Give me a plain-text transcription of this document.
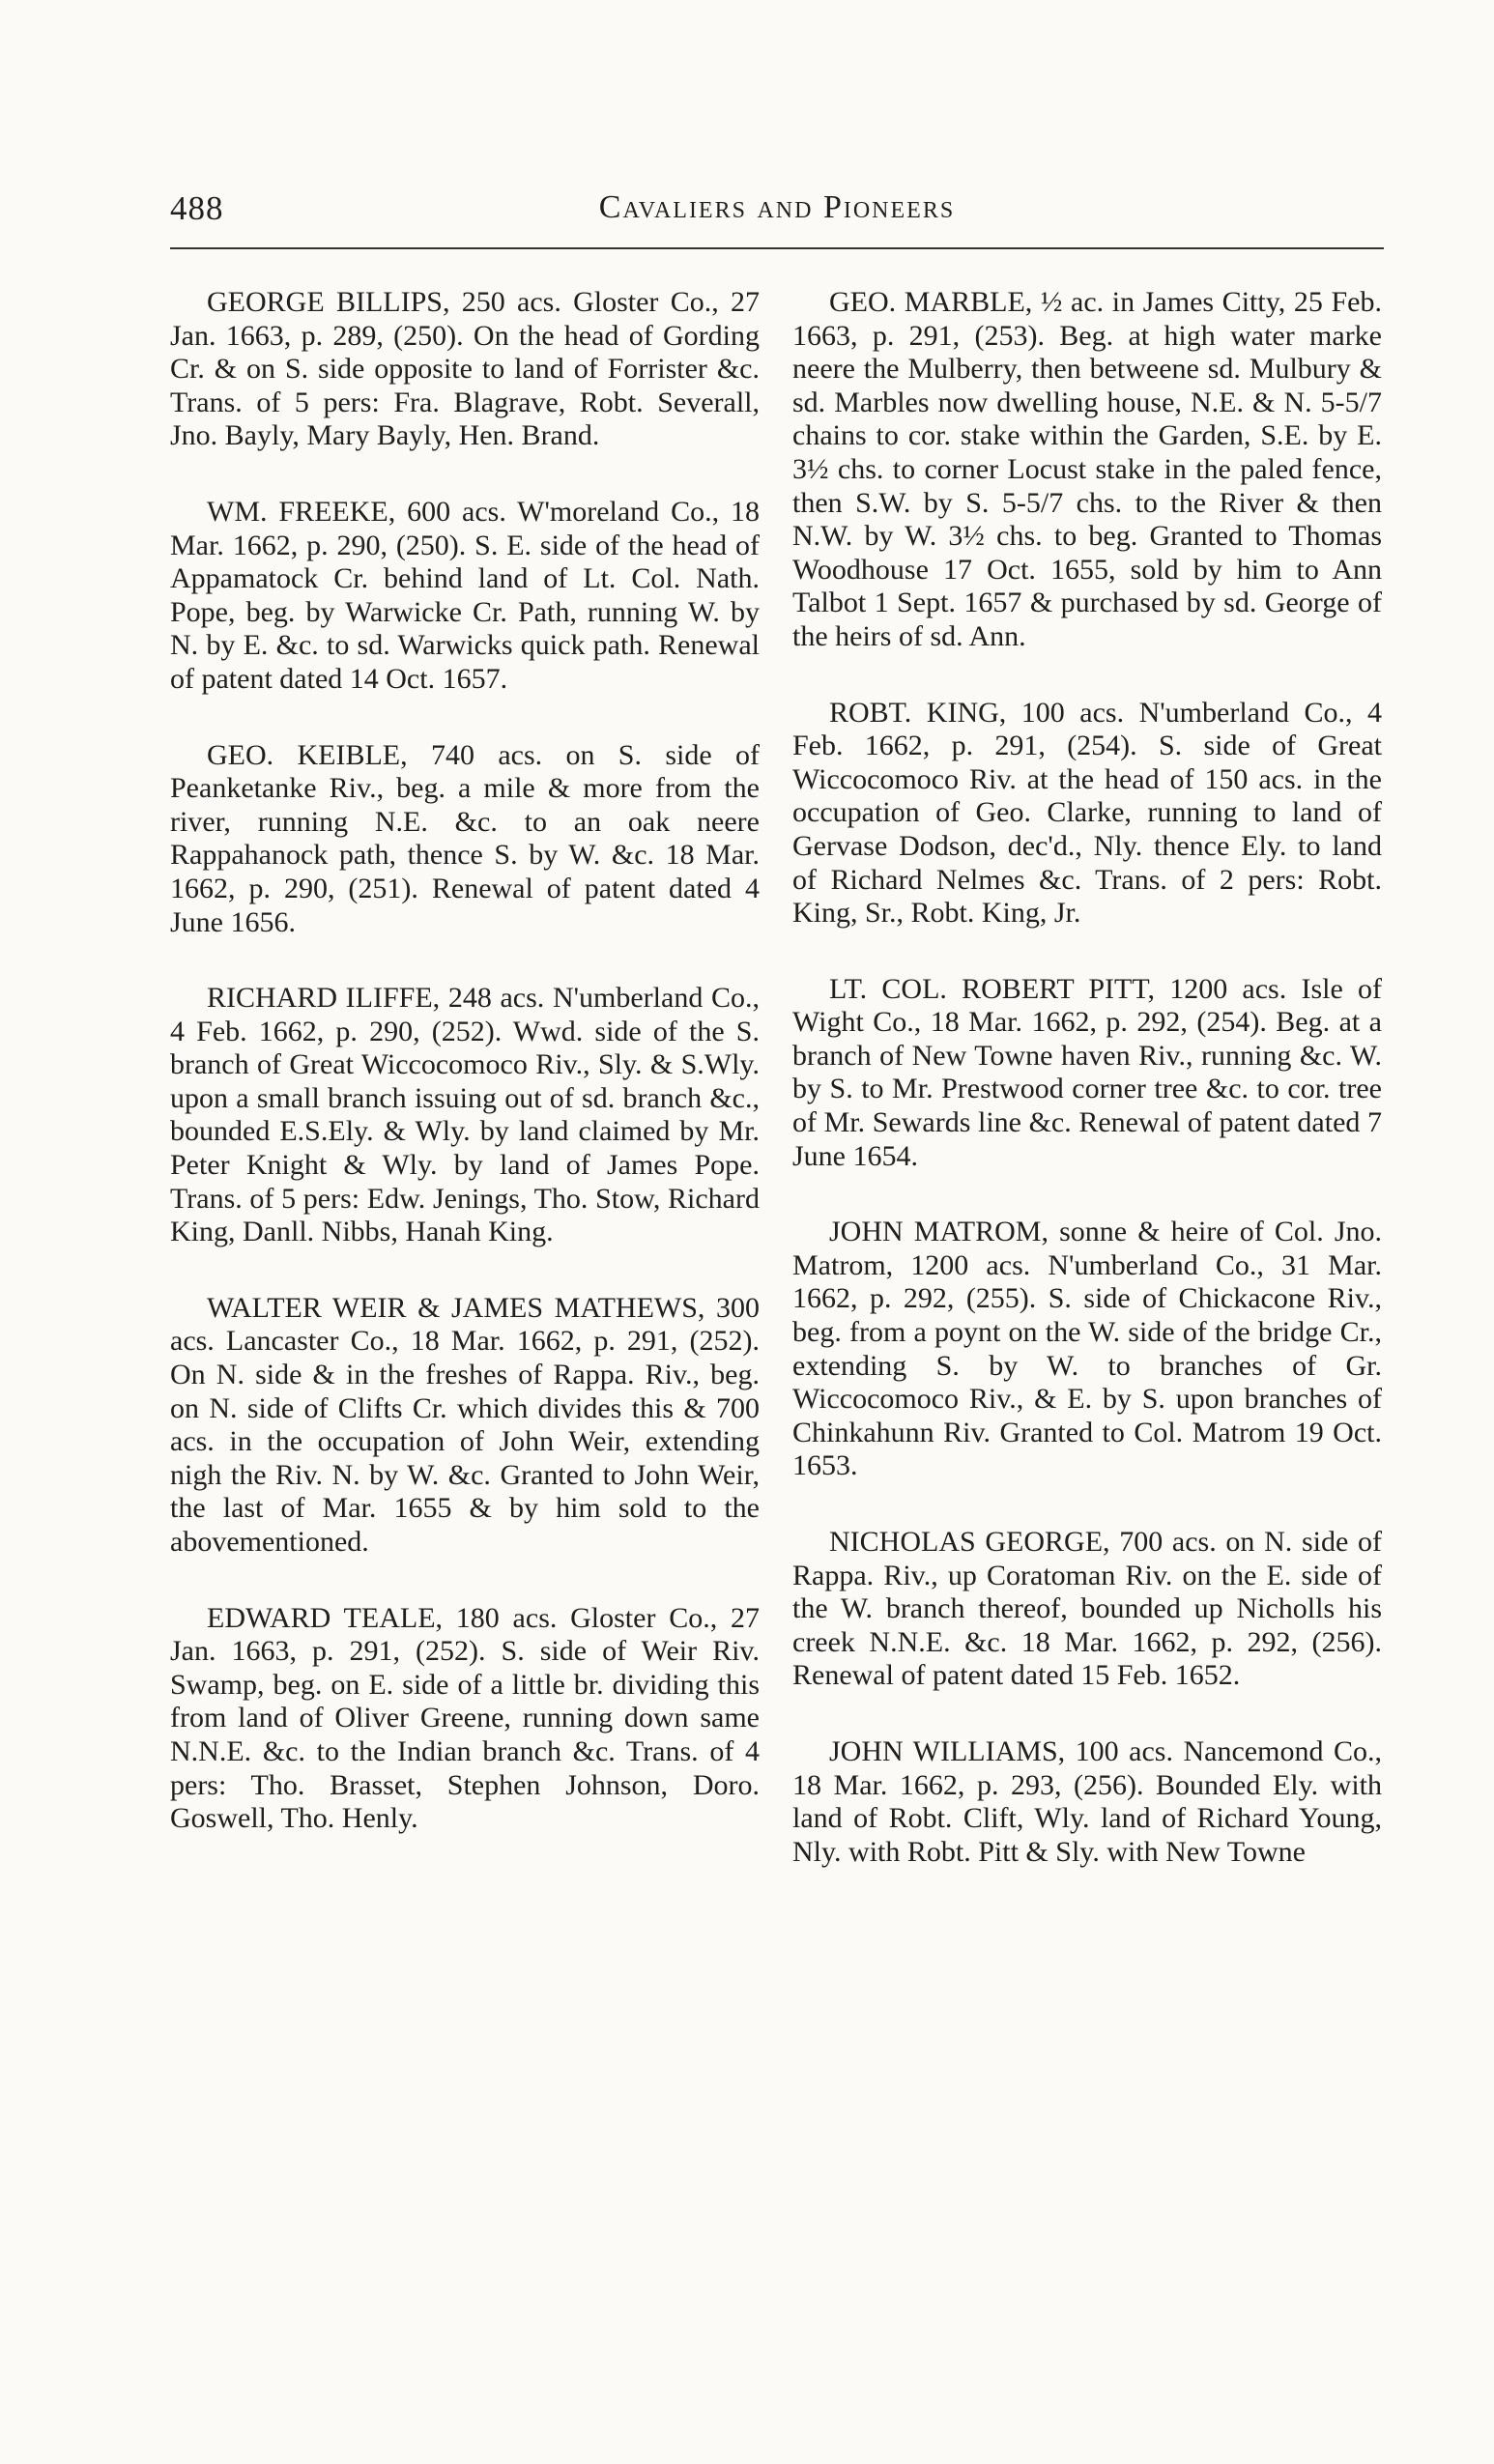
488	Cavaliers and Pioneers

GEORGE BILLIPS, 250 acs. Gloster Co., 27 Jan. 1663, p. 289, (250). On the head of Gording Cr. & on S. side opposite to land of Forrister &c. Trans. of 5 pers: Fra. Blagrave, Robt. Severall, Jno. Bayly, Mary Bayly, Hen. Brand.

WM. FREEKE, 600 acs. W'moreland Co., 18 Mar. 1662, p. 290, (250). S. E. side of the head of Appamatock Cr. behind land of Lt. Col. Nath. Pope, beg. by Warwicke Cr. Path, running W. by N. by E. &c. to sd. Warwicks quick path. Renewal of patent dated 14 Oct. 1657.

GEO. KEIBLE, 740 acs. on S. side of Peanketanke Riv., beg. a mile & more from the river, running N.E. &c. to an oak neere Rappahanock path, thence S. by W. &c. 18 Mar. 1662, p. 290, (251). Renewal of patent dated 4 June 1656.

RICHARD ILIFFE, 248 acs. N'umberland Co., 4 Feb. 1662, p. 290, (252). Wwd. side of the S. branch of Great Wiccocomoco Riv., Sly. & S.Wly. upon a small branch issuing out of sd. branch &c., bounded E.S.Ely. & Wly. by land claimed by Mr. Peter Knight & Wly. by land of James Pope. Trans. of 5 pers: Edw. Jenings, Tho. Stow, Richard King, Danll. Nibbs, Hanah King.

WALTER WEIR & JAMES MATHEWS, 300 acs. Lancaster Co., 18 Mar. 1662, p. 291, (252). On N. side & in the freshes of Rappa. Riv., beg. on N. side of Clifts Cr. which divides this & 700 acs. in the occupation of John Weir, extending nigh the Riv. N. by W. &c. Granted to John Weir, the last of Mar. 1655 & by him sold to the abovementioned.

EDWARD TEALE, 180 acs. Gloster Co., 27 Jan. 1663, p. 291, (252). S. side of Weir Riv. Swamp, beg. on E. side of a little br. dividing this from land of Oliver Greene, running down same N.N.E. &c. to the Indian branch &c. Trans. of 4 pers: Tho. Brasset, Stephen Johnson, Doro. Goswell, Tho. Henly.

GEO. MARBLE, ½ ac. in James Citty, 25 Feb. 1663, p. 291, (253). Beg. at high water marke neere the Mulberry, then betweene sd. Mulbury & sd. Marbles now dwelling house, N.E. & N. 5-5/7 chains to cor. stake within the Garden, S.E. by E. 3½ chs. to corner Locust stake in the paled fence, then S.W. by S. 5-5/7 chs. to the River & then N.W. by W. 3½ chs. to beg. Granted to Thomas Woodhouse 17 Oct. 1655, sold by him to Ann Talbot 1 Sept. 1657 & purchased by sd. George of the heirs of sd. Ann.

ROBT. KING, 100 acs. N'umberland Co., 4 Feb. 1662, p. 291, (254). S. side of Great Wiccocomoco Riv. at the head of 150 acs. in the occupation of Geo. Clarke, running to land of Gervase Dodson, dec'd., Nly. thence Ely. to land of Richard Nelmes &c. Trans. of 2 pers: Robt. King, Sr., Robt. King, Jr.

LT. COL. ROBERT PITT, 1200 acs. Isle of Wight Co., 18 Mar. 1662, p. 292, (254). Beg. at a branch of New Towne haven Riv., running &c. W. by S. to Mr. Prestwood corner tree &c. to cor. tree of Mr. Sewards line &c. Renewal of patent dated 7 June 1654.

JOHN MATROM, sonne & heire of Col. Jno. Matrom, 1200 acs. N'umberland Co., 31 Mar. 1662, p. 292, (255). S. side of Chickacone Riv., beg. from a poynt on the W. side of the bridge Cr., extending S. by W. to branches of Gr. Wiccocomoco Riv., & E. by S. upon branches of Chinkahunn Riv. Granted to Col. Matrom 19 Oct. 1653.

NICHOLAS GEORGE, 700 acs. on N. side of Rappa. Riv., up Coratoman Riv. on the E. side of the W. branch thereof, bounded up Nicholls his creek N.N.E. &c. 18 Mar. 1662, p. 292, (256). Renewal of patent dated 15 Feb. 1652.

JOHN WILLIAMS, 100 acs. Nancemond Co., 18 Mar. 1662, p. 293, (256). Bounded Ely. with land of Robt. Clift, Wly. land of Richard Young, Nly. with Robt. Pitt & Sly. with New Towne
